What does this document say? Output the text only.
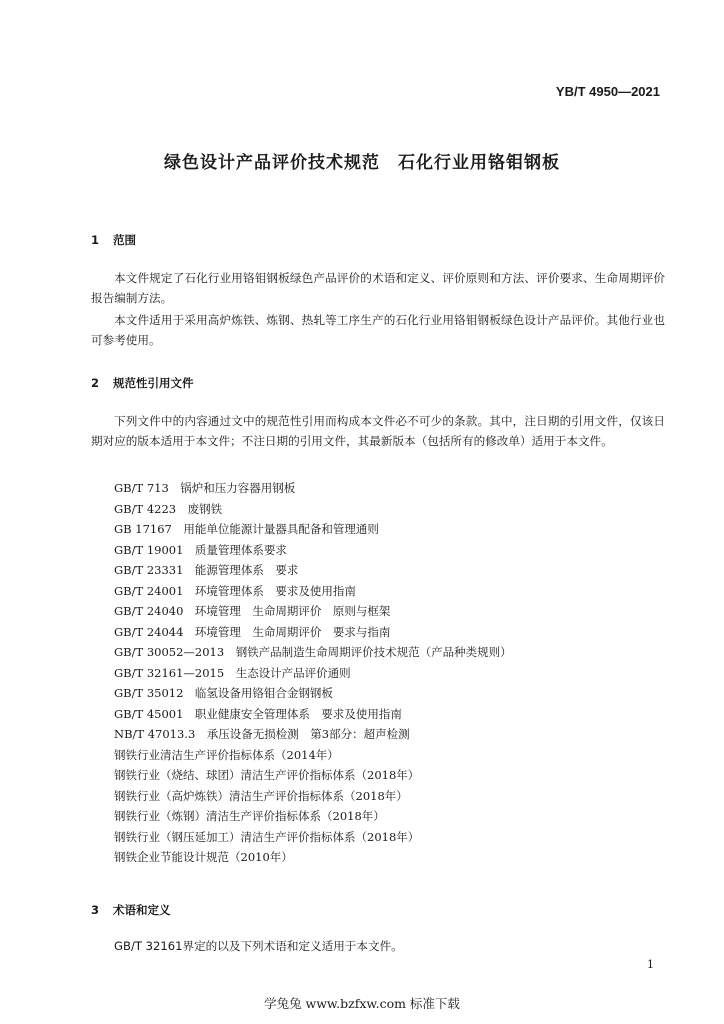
YB/T 4950—2021
绿色设计产品评价技术规范　石化行业用铬钼钢板
1 范围

本文件规定了石化行业用铬钼钢板绿色产品评价的术语和定义、评价原则和方法、评价要求、生命周期评价报告编制方法。

本文件适用于采用高炉炼铁、炼钢、热轧等工序生产的石化行业用铬钼钢板绿色设计产品评价。其他行业也可参考使用。

2 规范性引用文件

下列文件中的内容通过文中的规范性引用而构成本文件必不可少的条款。其中，注日期的引用文件，仅该日期对应的版本适用于本文件；不注日期的引用文件，其最新版本（包括所有的修改单）适用于本文件。

GB/T 713　锅炉和压力容器用钢板
GB/T 4223　废钢铁
GB 17167　用能单位能源计量器具配备和管理通则
GB/T 19001　质量管理体系要求
GB/T 23331　能源管理体系　要求
GB/T 24001　环境管理体系　要求及使用指南
GB/T 24040　环境管理　生命周期评价　原则与框架
GB/T 24044　环境管理　生命周期评价　要求与指南
GB/T 30052—2013　钢铁产品制造生命周期评价技术规范（产品种类规则）
GB/T 32161—2015　生态设计产品评价通则
GB/T 35012　临氢设备用铬钼合金钢钢板
GB/T 45001　职业健康安全管理体系　要求及使用指南
NB/T 47013.3　承压设备无损检测　第3部分：超声检测
钢铁行业清洁生产评价指标体系（2014年）
钢铁行业（烧结、球团）清洁生产评价指标体系（2018年）
钢铁行业（高炉炼铁）清洁生产评价指标体系（2018年）
钢铁行业（炼钢）清洁生产评价指标体系（2018年）
钢铁行业（钢压延加工）清洁生产评价指标体系（2018年）
钢铁企业节能设计规范（2010年）
3 术语和定义

GB/T 32161界定的以及下列术语和定义适用于本文件。

1
学兔兔 www.bzfxw.com 标准下载
